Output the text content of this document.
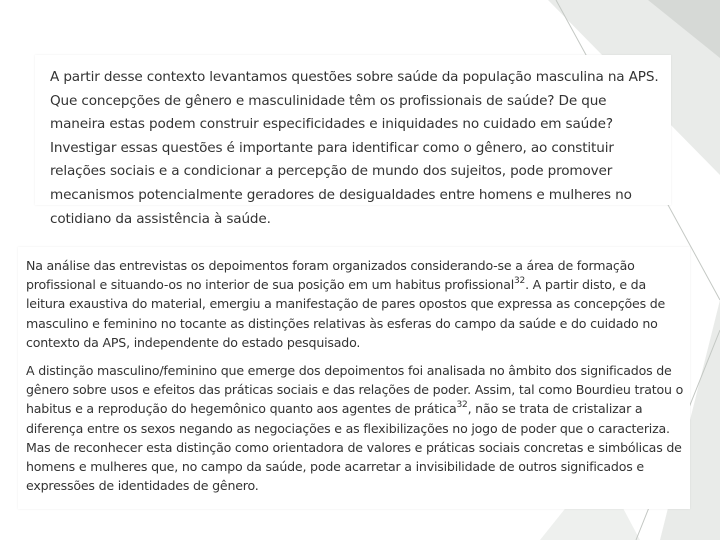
A partir desse contexto levantamos questões sobre saúde da população masculina na APS. Que concepções de gênero e masculinidade têm os profissionais de saúde? De que maneira estas podem construir especificidades e iniquidades no cuidado em saúde? Investigar essas questões é importante para identificar como o gênero, ao constituir relações sociais e a condicionar a percepção de mundo dos sujeitos, pode promover mecanismos potencialmente geradores de desigualdades entre homens e mulheres no cotidiano da assistência à saúde.

Na análise das entrevistas os depoimentos foram organizados considerando-se a área de formação profissional e situando-os no interior de sua posição em um habitus profissional$^{32}$. A partir disto, e da leitura exaustiva do material, emergiu a manifestação de pares opostos que expressa as concepções de masculino e feminino no tocante as distinções relativas às esferas do campo da saúde e do cuidado no contexto da APS, independente do estado pesquisado.

A distinção masculino/feminino que emerge dos depoimentos foi analisada no âmbito dos significados de gênero sobre usos e efeitos das práticas sociais e das relações de poder. Assim, tal como Bourdieu tratou o habitus e a reprodução do hegemônico quanto aos agentes de prática$^{32}$, não se trata de cristalizar a diferença entre os sexos negando as negociações e as flexibilizações no jogo de poder que o caracteriza. Mas de reconhecer esta distinção como orientadora de valores e práticas sociais concretas e simbólicas de homens e mulheres que, no campo da saúde, pode acarretar a invisibilidade de outros significados e expressões de identidades de gênero.
